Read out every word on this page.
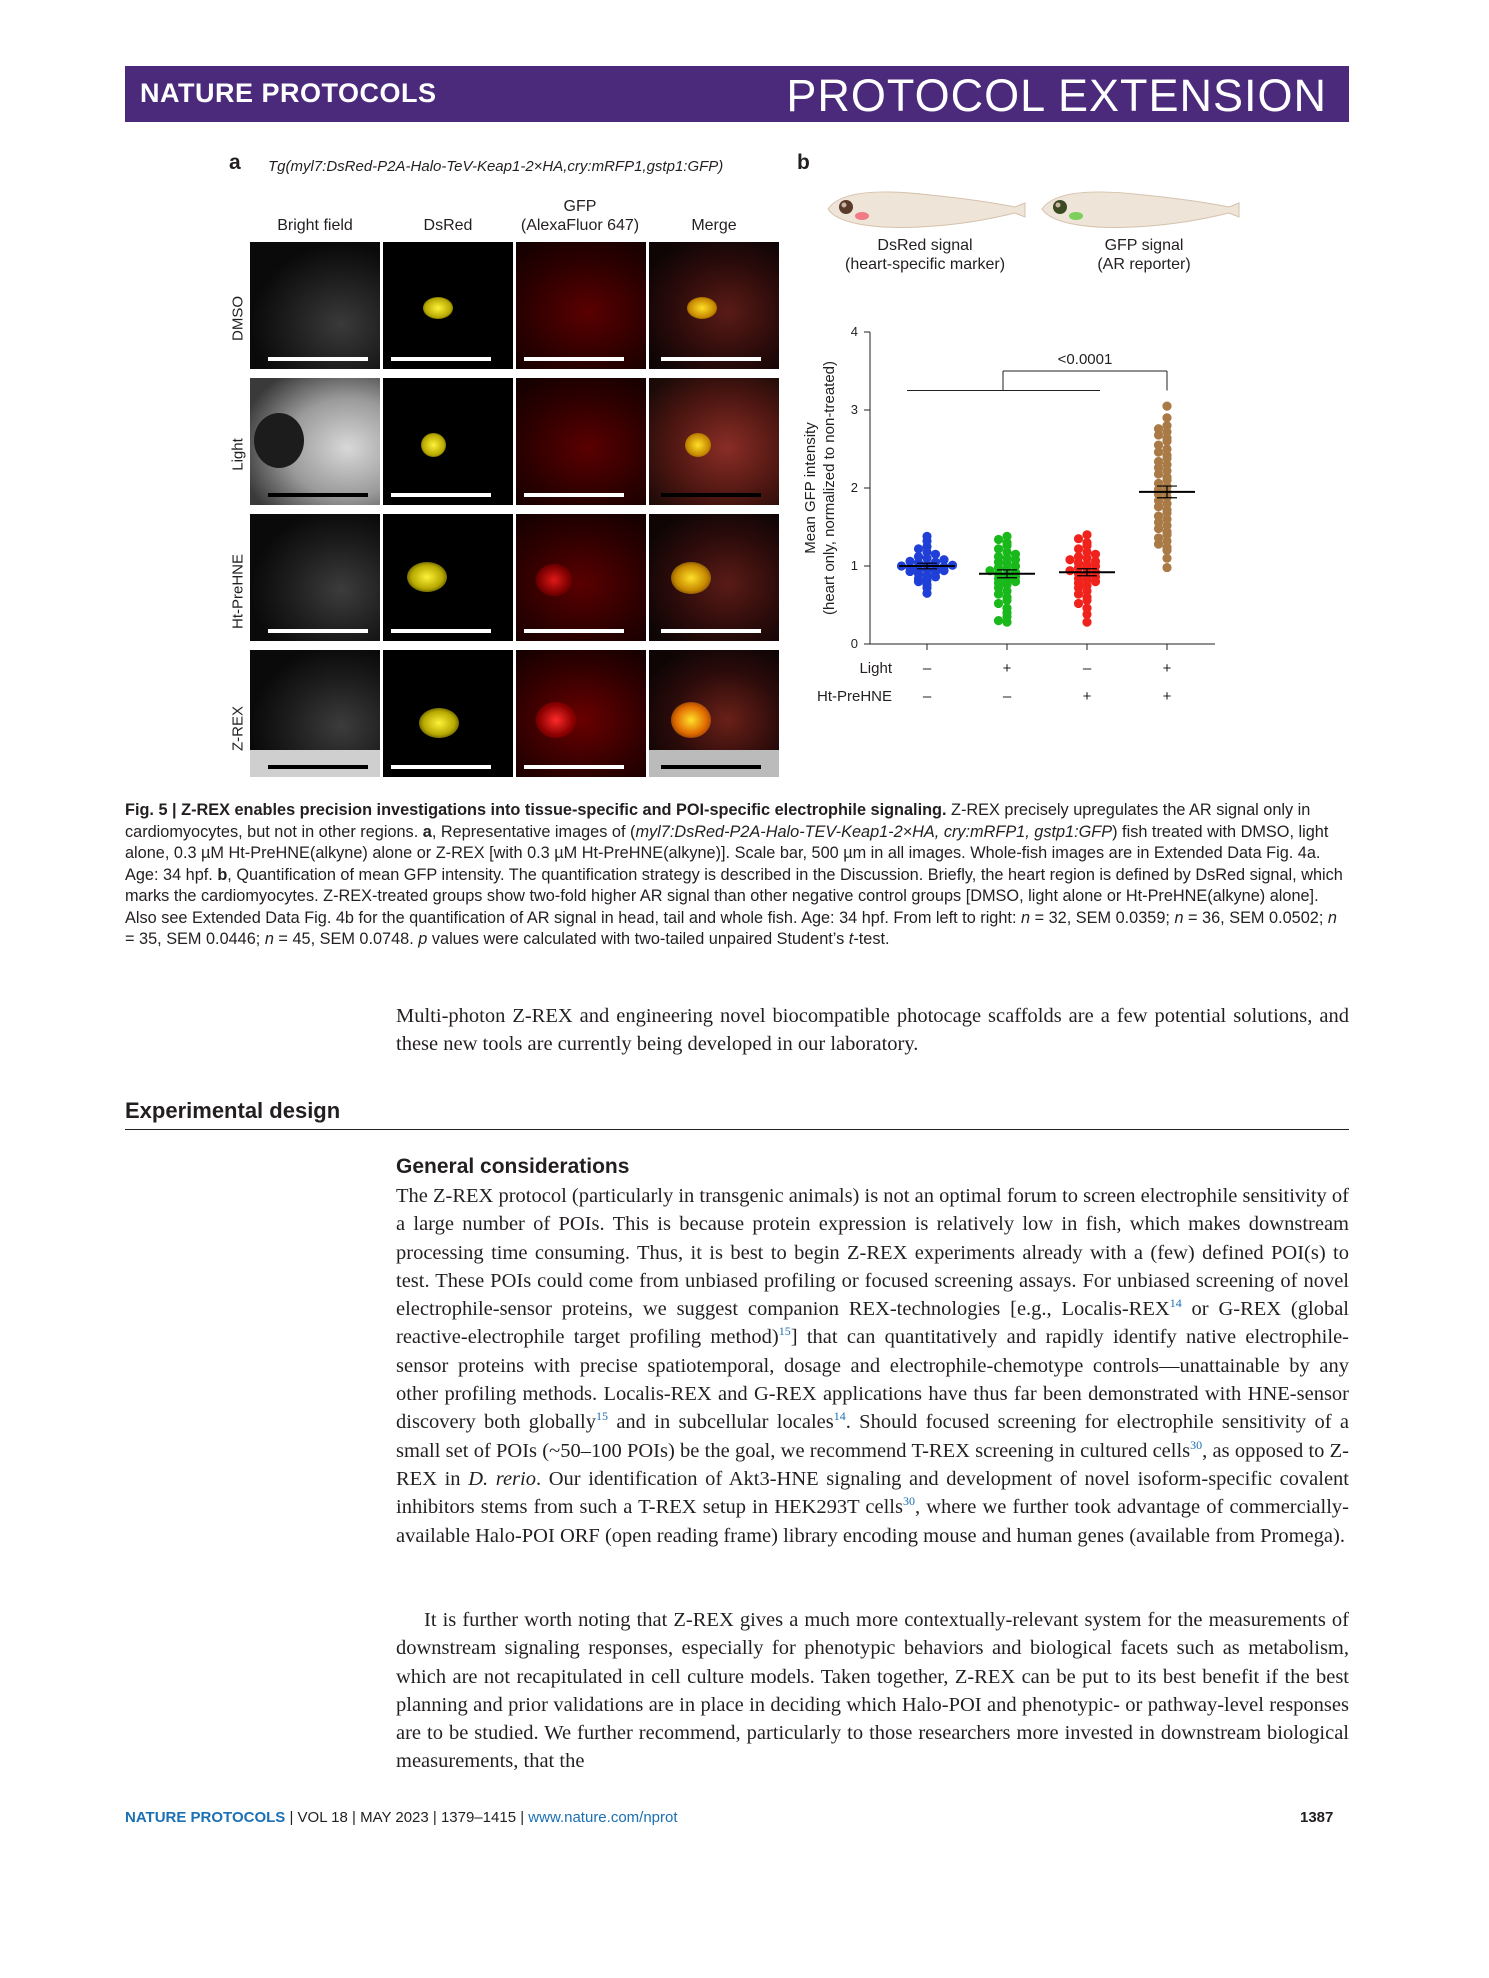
NATURE PROTOCOLS	PROTOCOL EXTENSION
a Tg(myl7:DsRed-P2A-Halo-TeV-Keap1-2×HA,cry:mRFP1,gstp1:GFP)
Bright field	DsRed
GFP
(AlexaFluor 647)	Merge
DMSO
Light
Ht-PreHNE
Z-REX
b
DsRed signal
(heart-specific marker)
GFP signal
(AR reporter)
0
1
2
3
4
Mean GFP intensity (heart only, normalized to non-treated)
<0.0001
Light –	+	–	+
Ht-PreHNE –	–	+	+
Fig. 5 | Z-REX enables precision investigations into tissue-specific and POI-specific electrophile signaling. Z-REX precisely upregulates the AR signal only in cardiomyocytes, but not in other regions. a, Representative images of (myl7:DsRed-P2A-Halo-TEV-Keap1-2×HA, cry:mRFP1, gstp1:GFP) fish treated with DMSO, light alone, 0.3 µM Ht-PreHNE(alkyne) alone or Z-REX [with 0.3 µM Ht-PreHNE(alkyne)]. Scale bar, 500 µm in all images. Whole-fish images are in Extended Data Fig. 4a. Age: 34 hpf. b, Quantification of mean GFP intensity. The quantification strategy is described in the Discussion. Briefly, the heart region is defined by DsRed signal, which marks the cardiomyocytes. Z-REX-treated groups show two-fold higher AR signal than other negative control groups [DMSO, light alone or Ht-PreHNE(alkyne) alone]. Also see Extended Data Fig. 4b for the quantification of AR signal in head, tail and whole fish. Age: 34 hpf. From left to right: n = 32, SEM 0.0359; n = 36, SEM 0.0502; n = 35, SEM 0.0446; n = 45, SEM 0.0748. p values were calculated with two-tailed unpaired Student’s t-test.
Multi-photon Z-REX and engineering novel biocompatible photocage scaffolds are a few potential solutions, and these new tools are currently being developed in our laboratory.
Experimental design
General considerations
The Z-REX protocol (particularly in transgenic animals) is not an optimal forum to screen electrophile sensitivity of a large number of POIs. This is because protein expression is relatively low in fish, which makes downstream processing time consuming. Thus, it is best to begin Z-REX experiments already with a (few) defined POI(s) to test. These POIs could come from unbiased profiling or focused screening assays. For unbiased screening of novel electrophile-sensor proteins, we suggest companion REX-technologies [e.g., Localis-REX$^{14}$ or G-REX (global reactive-electrophile target profiling method)$^{15}$] that can quantitatively and rapidly identify native electrophile-sensor proteins with precise spatiotemporal, dosage and electrophile-chemotype controls—unattainable by any other profiling methods. Localis-REX and G-REX applications have thus far been demonstrated with HNE-sensor discovery both globally$^{15}$ and in subcellular locales$^{14}$. Should focused screening for electrophile sensitivity of a small set of POIs (~50–100 POIs) be the goal, we recommend T-REX screening in cultured cells$^{30}$, as opposed to Z-REX in D. rerio. Our identification of Akt3-HNE signaling and development of novel isoform-specific covalent inhibitors stems from such a T-REX setup in HEK293T cells$^{30}$, where we further took advantage of commercially-available Halo-POI ORF (open reading frame) library encoding mouse and human genes (available from Promega).
It is further worth noting that Z-REX gives a much more contextually-relevant system for the measurements of downstream signaling responses, especially for phenotypic behaviors and biological facets such as metabolism, which are not recapitulated in cell culture models. Taken together, Z-REX can be put to its best benefit if the best planning and prior validations are in place in deciding which Halo-POI and phenotypic- or pathway-level responses are to be studied. We further recommend, particularly to those researchers more invested in downstream biological measurements, that the
NATURE PROTOCOLS | VOL 18 | MAY 2023 | 1379–1415 | www.nature.com/nprot	1387
